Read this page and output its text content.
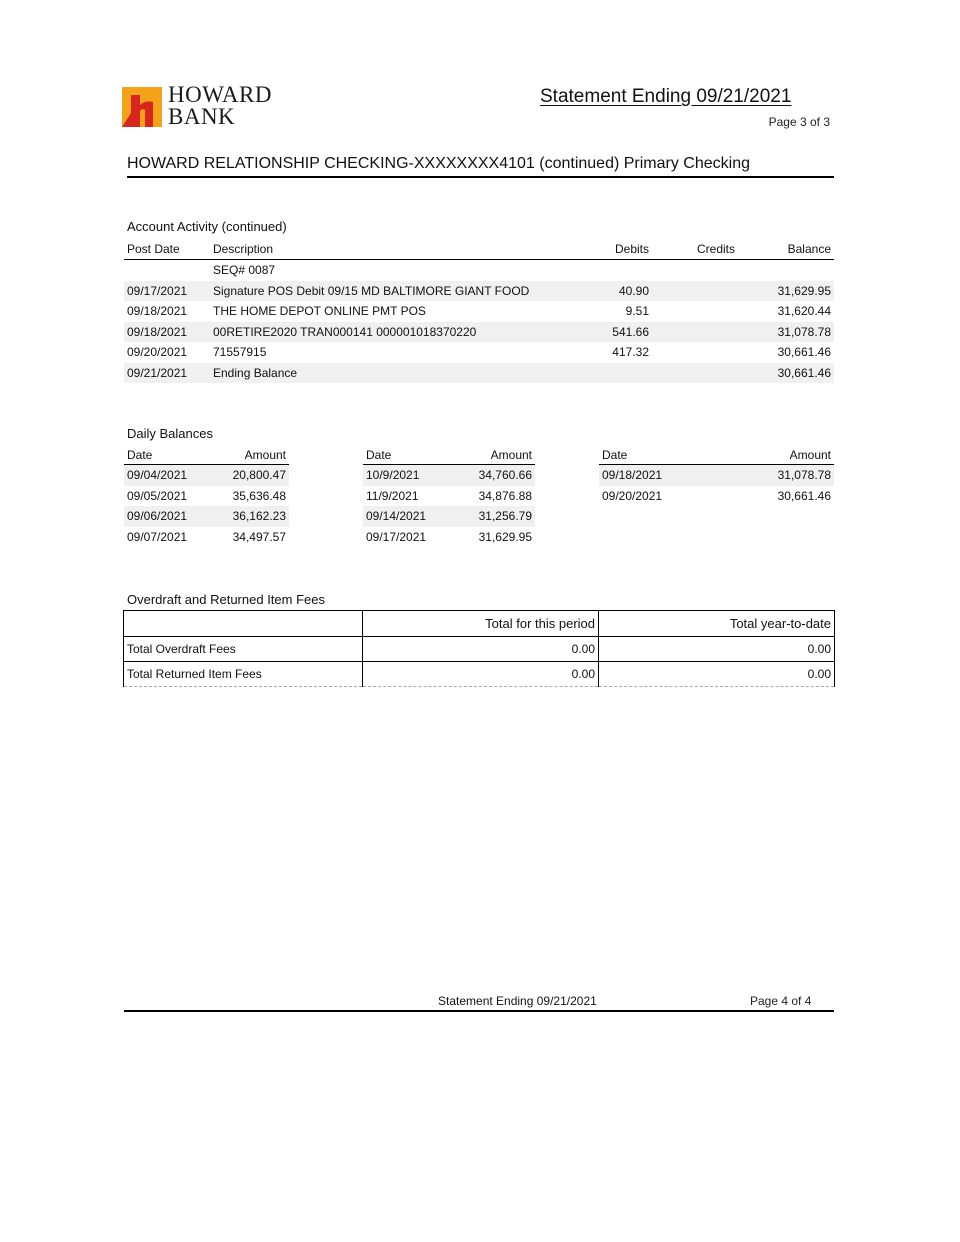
HOWARD
BANK
Statement Ending 09/21/2021
Page 3 of 3
HOWARD RELATIONSHIP CHECKING-XXXXXXXX4101 (continued) Primary Checking
Account Activity (continued)
Post Date	Description	Debits	Credits	Balance
	SEQ# 0087			
09/17/2021	Signature POS Debit 09/15 MD BALTIMORE GIANT FOOD	40.90		31,629.95
09/18/2021	THE HOME DEPOT ONLINE PMT POS	9.51		31,620.44
09/18/2021	00RETIRE2020 TRAN000141 000001018370220	541.66		31,078.78
09/20/2021	71557915	417.32		30,661.46
09/21/2021	Ending Balance			30,661.46
Daily Balances
Date	Amount
09/04/2021	20,800.47
09/05/2021	35,636.48
09/06/2021	36,162.23
09/07/2021	34,497.57
Date	Amount
10/9/2021	34,760.66
11/9/2021	34,876.88
09/14/2021	31,256.79
09/17/2021	31,629.95
Date	Amount
09/18/2021	31,078.78
09/20/2021	30,661.46
Overdraft and Returned Item Fees
	Total for this period	Total year-to-date
Total Overdraft Fees	0.00	0.00
Total Returned Item Fees	0.00	0.00
Statement Ending 09/21/2021	Page 4 of 4
